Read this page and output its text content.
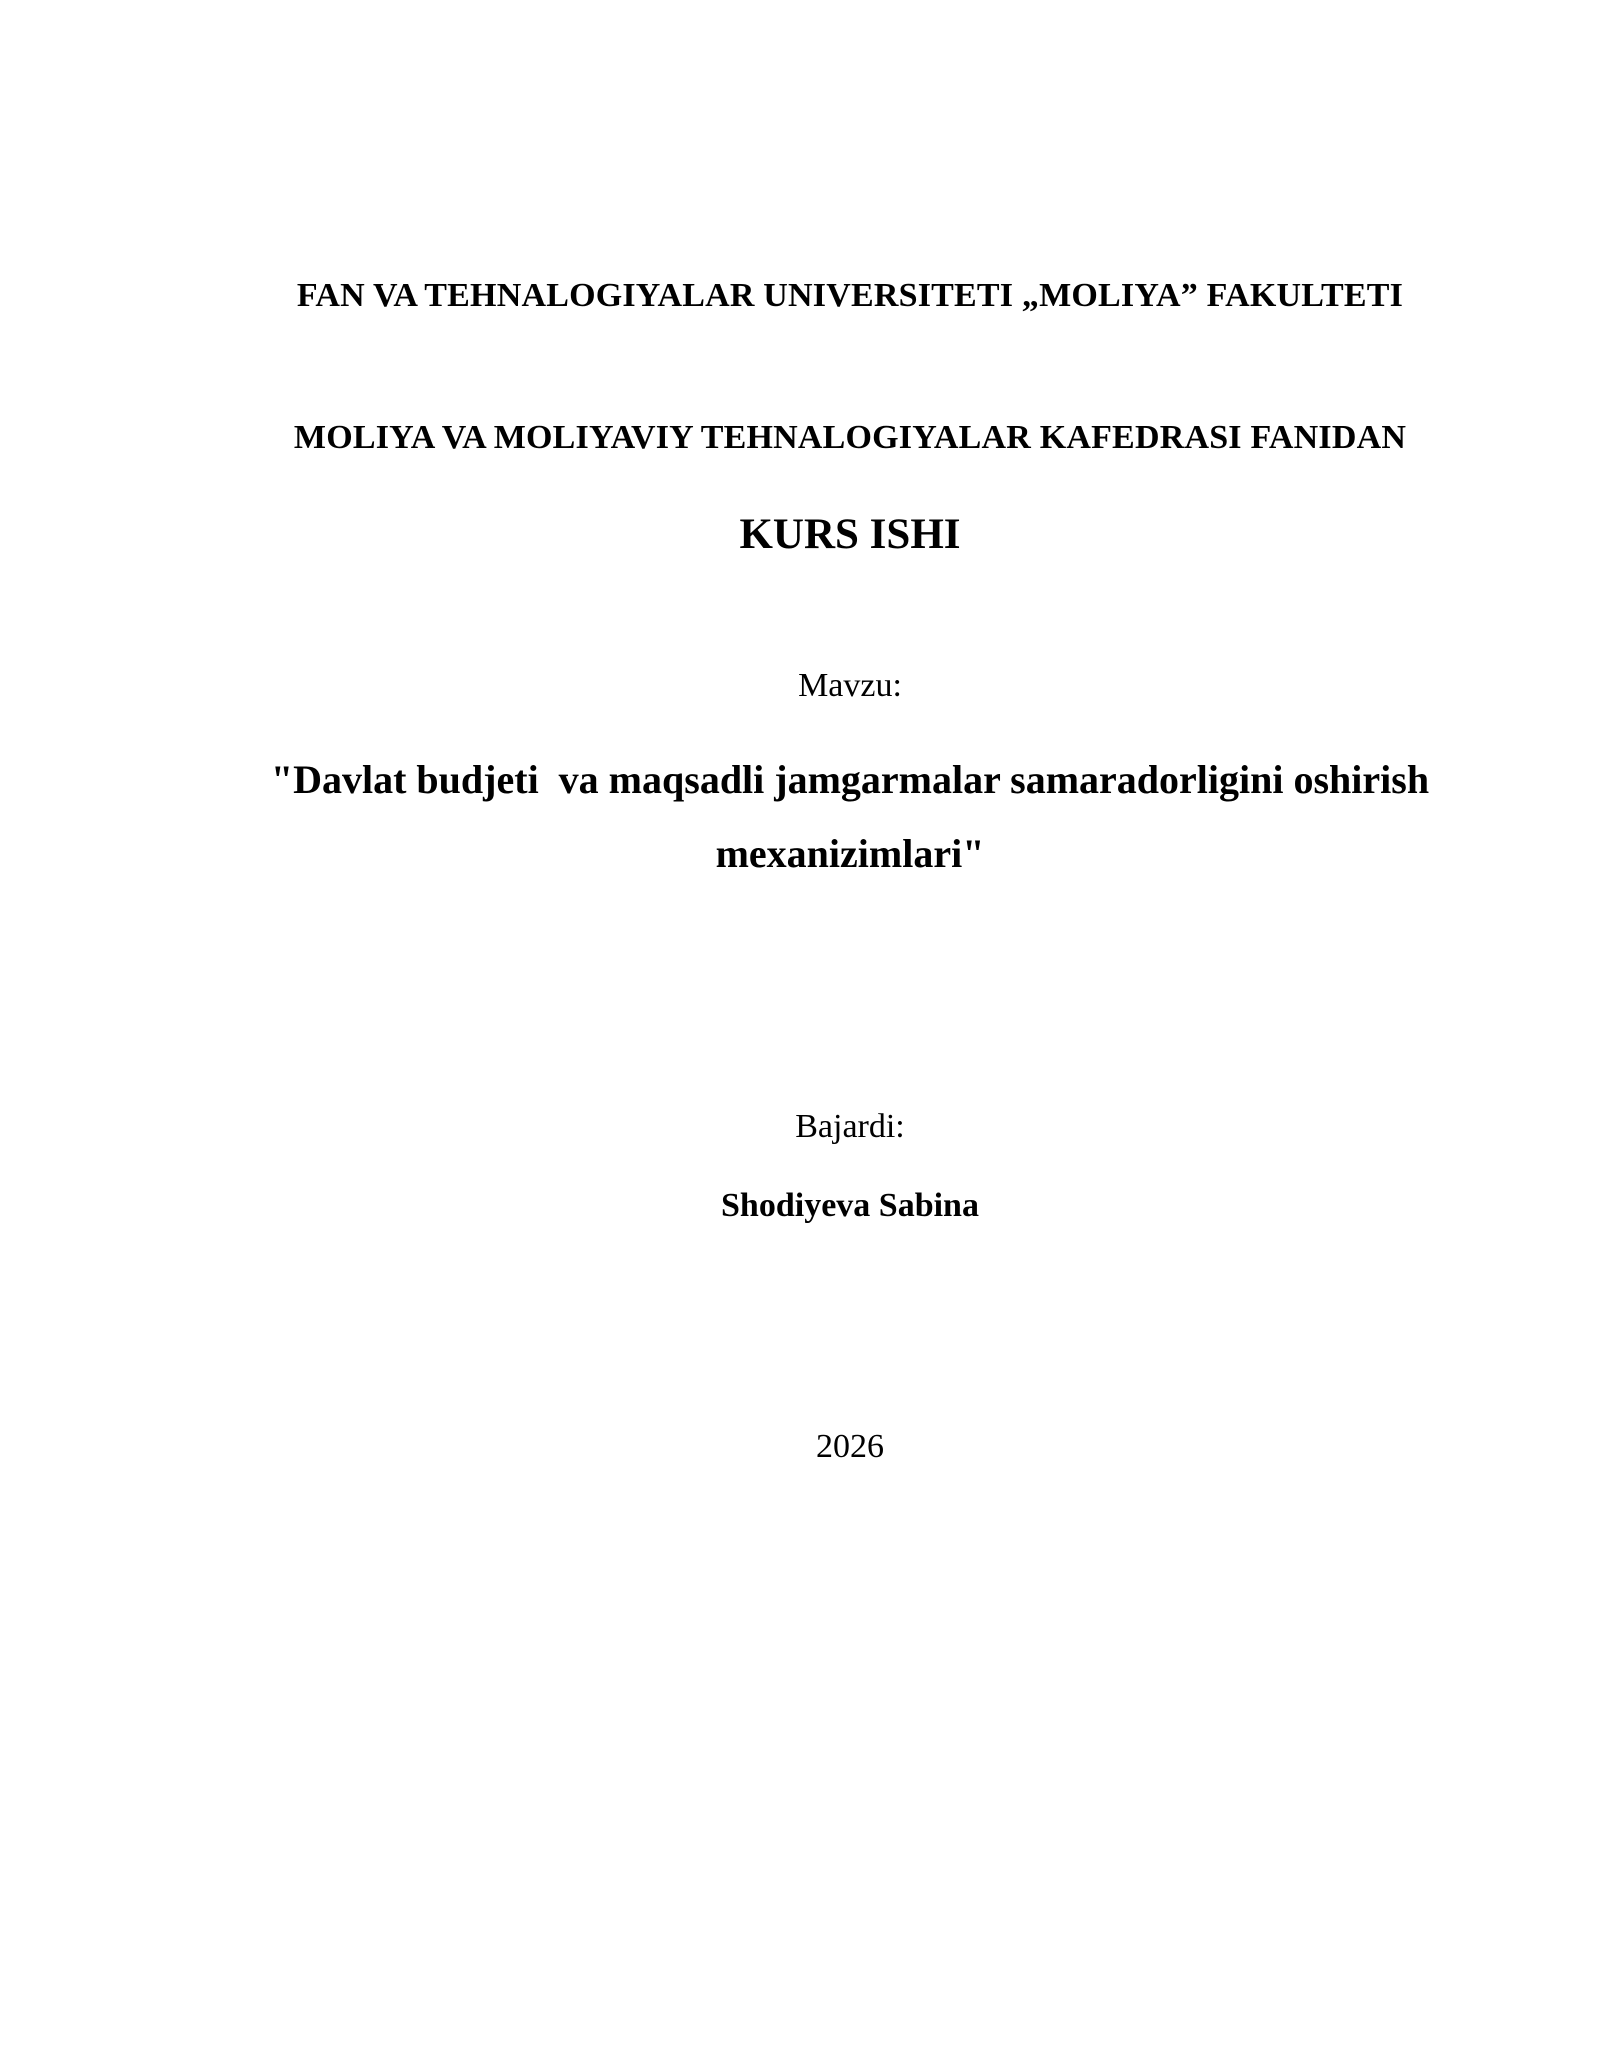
FAN VA TEHNALOGIYALAR UNIVERSITETI „MOLIYA” FAKULTETI

MOLIYA VA MOLIYAVIY TEHNALOGIYALAR KAFEDRASI FANIDAN

KURS ISHI

Mavzu:

"Davlat budjeti  va maqsadli jamgarmalar samaradorligini oshirish
mexanizimlari"

Bajardi:

Shodiyeva Sabina

2026
